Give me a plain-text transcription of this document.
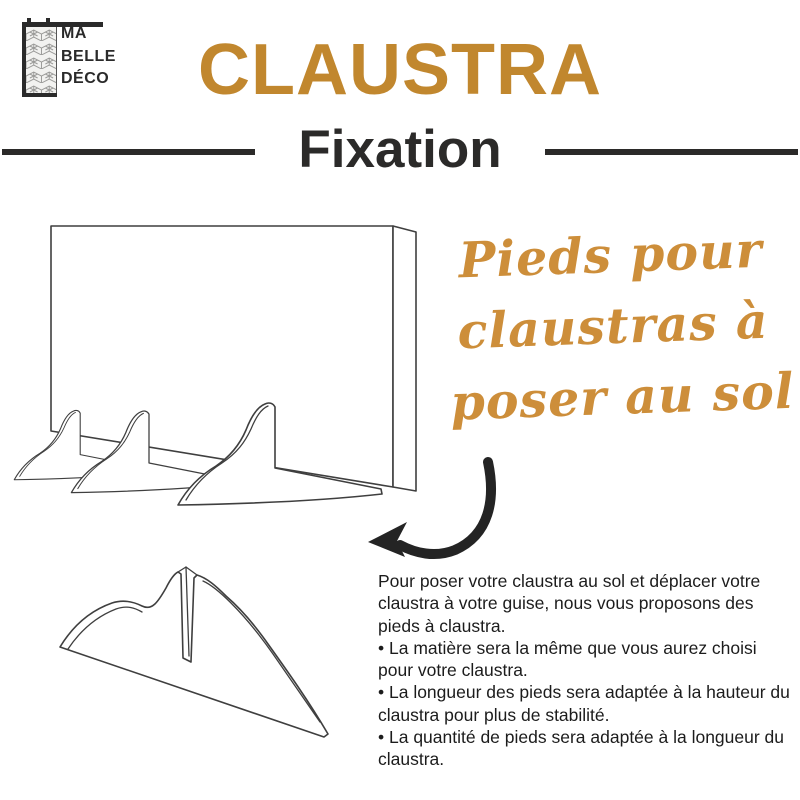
MA
BELLE
DÉCO	CLAUSTRA
Fixation
Pieds pour
claustras à
poser au sol

Pour poser votre claustra au sol et déplacer votre claustra à votre guise, nous vous proposons des pieds à claustra.

• La matière sera la même que vous aurez choisi pour votre claustra.

• La longueur des pieds sera adaptée à la hauteur du claustra pour plus de stabilité.

• La quantité de pieds sera adaptée à la longueur du claustra.
